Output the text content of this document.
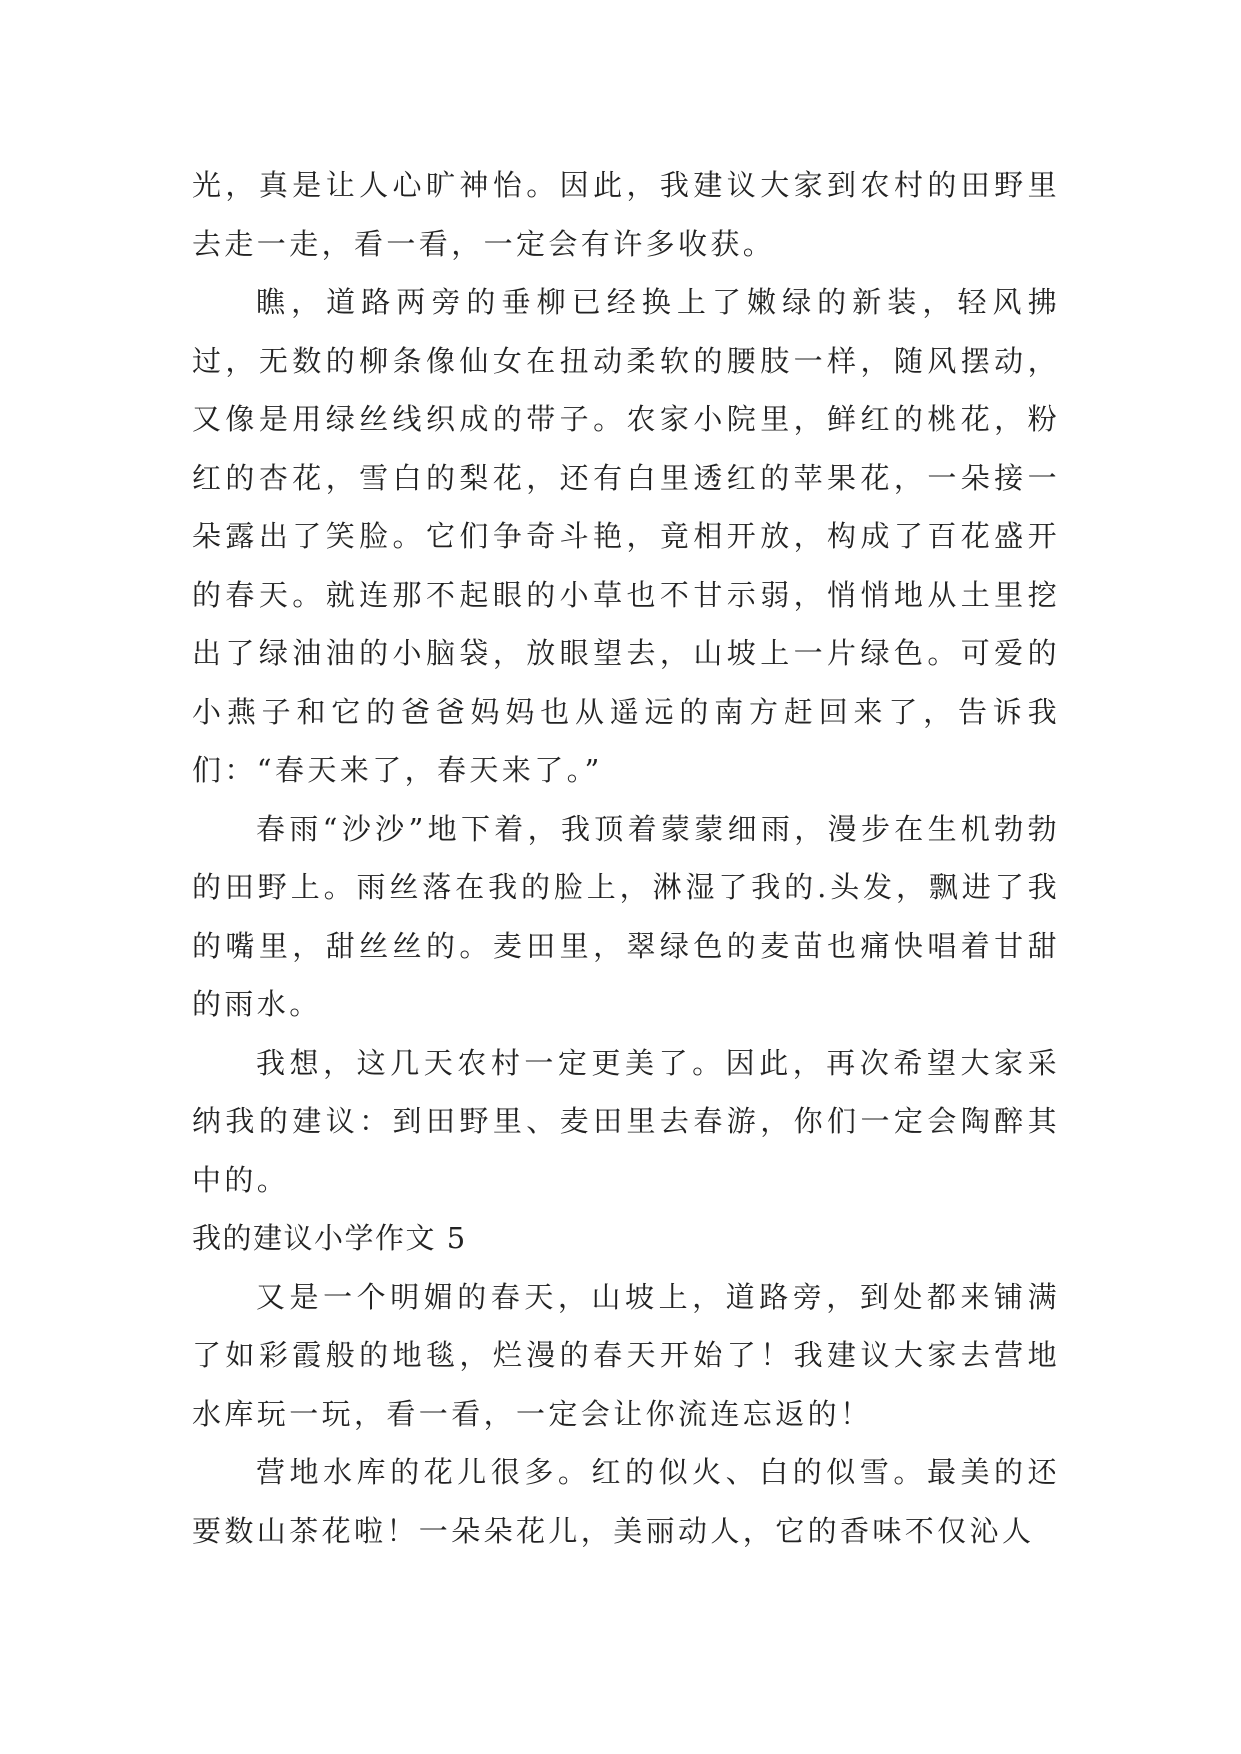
光，真是让人心旷神怡。因此，我建议大家到农村的田野里去走一走，看一看，一定会有许多收获。

瞧，道路两旁的垂柳已经换上了嫩绿的新装，轻风拂过，无数的柳条像仙女在扭动柔软的腰肢一样，随风摆动，又像是用绿丝线织成的带子。农家小院里，鲜红的桃花，粉红的杏花，雪白的梨花，还有白里透红的苹果花，一朵接一朵露出了笑脸。它们争奇斗艳，竟相开放，构成了百花盛开的春天。就连那不起眼的小草也不甘示弱，悄悄地从土里挖出了绿油油的小脑袋，放眼望去，山坡上一片绿色。可爱的小燕子和它的爸爸妈妈也从遥远的南方赶回来了，告诉我们：“春天来了，春天来了。”

春雨“沙沙”地下着，我顶着蒙蒙细雨，漫步在生机勃勃的田野上。雨丝落在我的脸上，淋湿了我的.头发，飘进了我的嘴里，甜丝丝的。麦田里，翠绿色的麦苗也痛快唱着甘甜的雨水。

我想，这几天农村一定更美了。因此，再次希望大家采纳我的建议：到田野里、麦田里去春游，你们一定会陶醉其中的。

我的建议小学作文 5

又是一个明媚的春天，山坡上，道路旁，到处都来铺满了如彩霞般的地毯，烂漫的春天开始了！我建议大家去营地水库玩一玩，看一看，一定会让你流连忘返的！

营地水库的花儿很多。红的似火、白的似雪。最美的还要数山茶花啦！一朵朵花儿，美丽动人，它的香味不仅沁人
